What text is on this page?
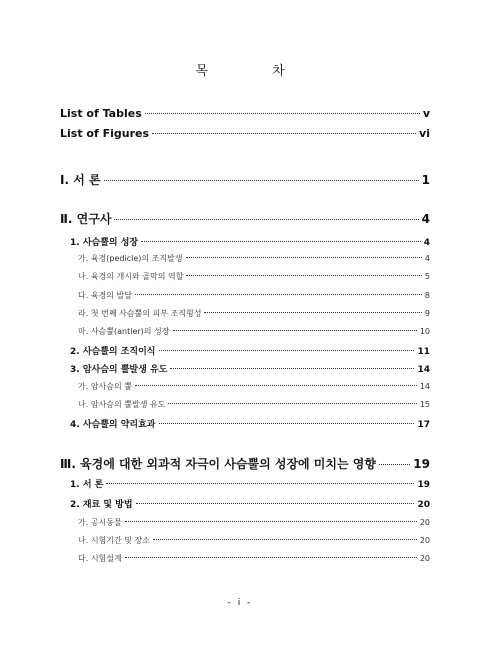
목 차
List of Tables	v
List of Figures	vi
Ⅰ. 서 론	1
Ⅱ. 연구사	4
1. 사슴뿔의 성장	4
가. 육경(pedicle)의 조직발생	4
나. 육경의 개시와 골막의 역할	5
다. 육경의 발달	8
라. 첫 번째 사슴뿔의 피부 조직형성	9
마. 사슴뿔(antler)의 성장	10
2. 사슴뿔의 조직이식	11
3. 암사슴의 뿔발생 유도	14
가. 암사슴의 뿔	14
나. 암사슴의 뿔발생 유도	15
4. 사슴뿔의 약리효과	17
Ⅲ. 육경에 대한 외과적 자극이 사슴뿔의 성장에 미치는 영향	19
1. 서 론	19
2. 재료 및 방법	20
가. 공시동물	20
나. 시험기간 및 장소	20
다. 시험설계	20
- i -
